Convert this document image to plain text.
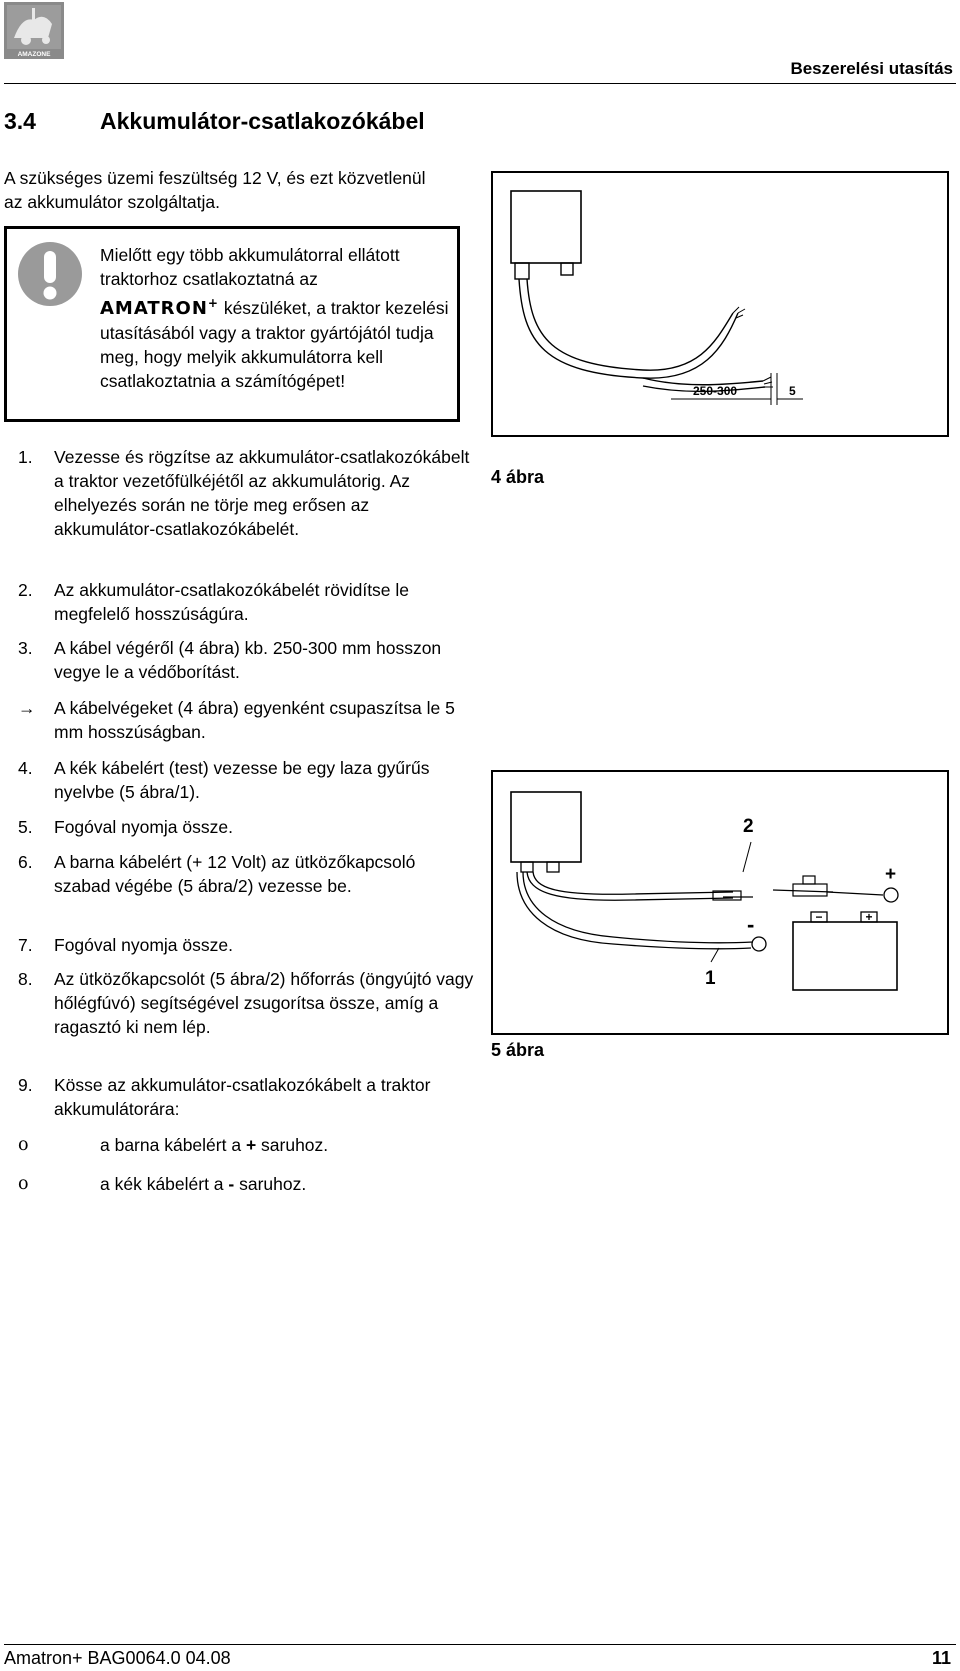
AMAZONE
Beszerelési utasítás
3.4	Akkumulátor-csatlakozókábel
A szükséges üzemi feszültség 12 V, és ezt közvetlenül az akkumulátor szolgáltatja.
Mielőtt egy több akkumulátorral ellátott traktorhoz csatlakoztatná az
AMATRON+ készüléket, a traktor kezelési utasításából vagy a traktor gyártójától tudja meg, hogy melyik akkumulátorra kell csatlakoztatnia a számítógépet!	250-300	5
4 ábra
−	+
2
1
+
-
5 ábra
1. Vezesse és rögzítse az akkumulátor-csatlakozókábelt a traktor vezetőfülkéjétől az akkumulátorig. Az elhelyezés során ne törje meg erősen az akkumulátor-csatlakozókábelét.
2. Az akkumulátor-csatlakozókábelét rövidítse le megfelelő hosszúságúra.
3. A kábel végéről (4 ábra) kb. 250-300 mm hosszon vegye le a védőborítást.
→ A kábelvégeket (4 ábra) egyenként csupaszítsa le 5 mm hosszúságban.
4. A kék kábelért (test) vezesse be egy laza gyűrűs nyelvbe (5 ábra/1).
5. Fogóval nyomja össze.
6. A barna kábelért (+ 12 Volt) az ütközőkapcsoló szabad végébe (5 ábra/2) vezesse be.
7. Fogóval nyomja össze.
8. Az ütközőkapcsolót (5 ábra/2) hőforrás (öngyújtó vagy hőlégfúvó) segítségével zsugorítsa össze, amíg a ragasztó ki nem lép.
9. Kösse az akkumulátor-csatlakozókábelt a traktor akkumulátorára:
ο	a barna kábelért a + saruhoz.
ο	a kék kábelért a - saruhoz.
Amatron+ BAG0064.0 04.08	11
